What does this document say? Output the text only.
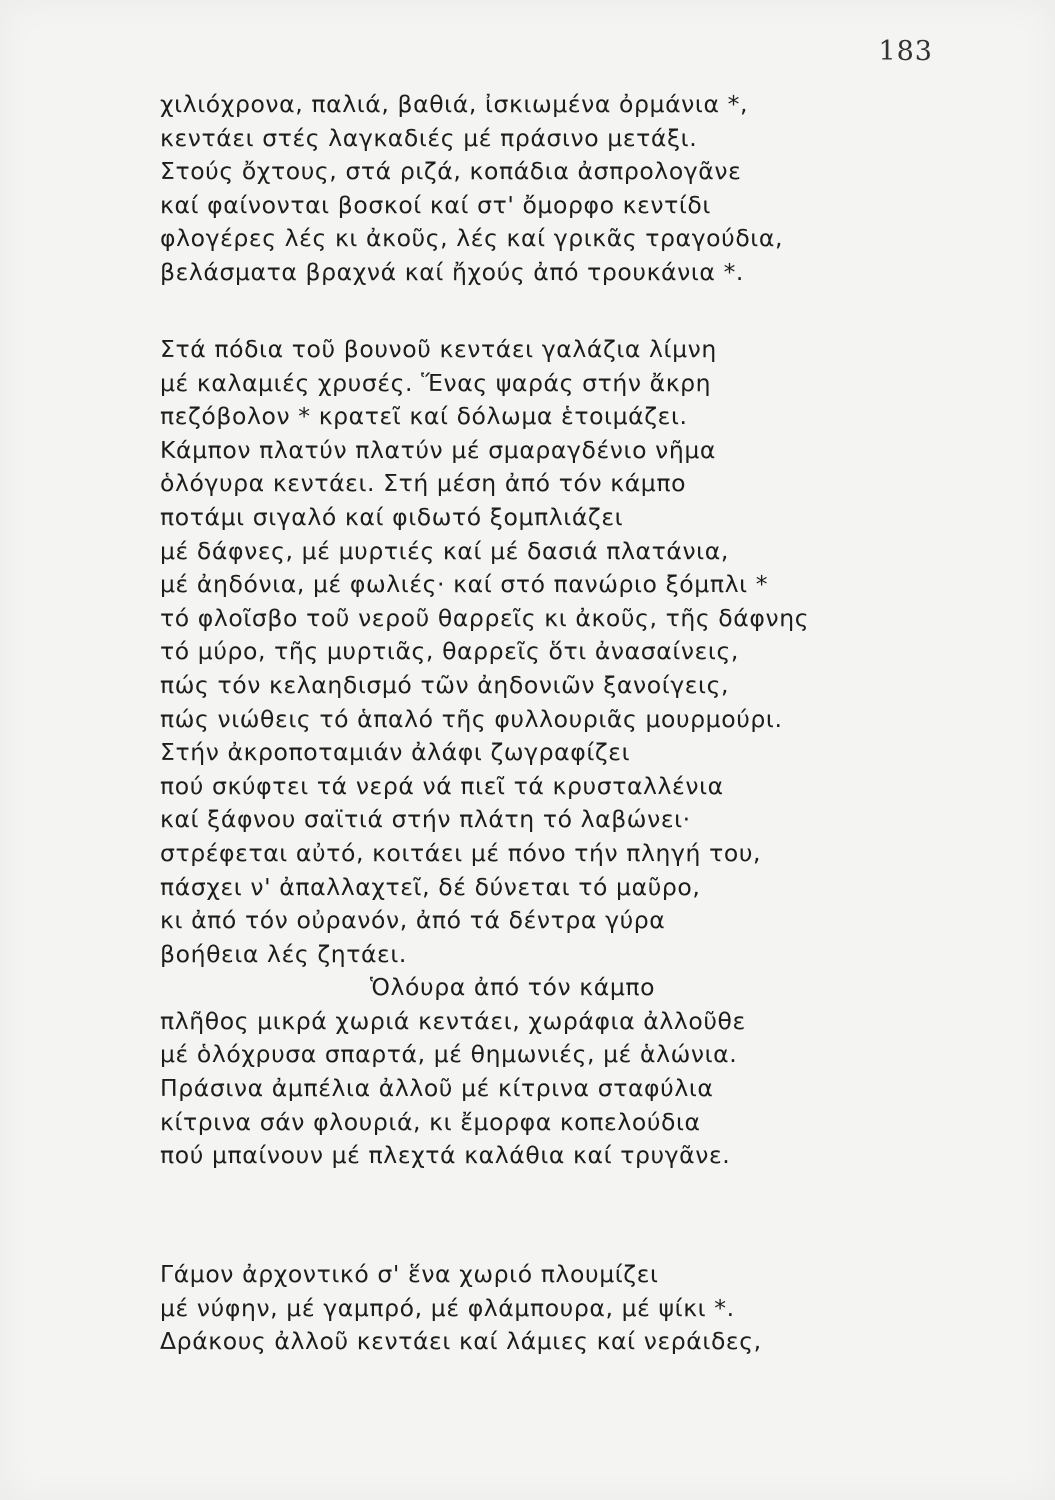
183
χιλιόχρονα, παλιά, βαθιά, ἰσκιωμένα ὀρμάνια *,
κεντάει στές λαγκαδιές μέ πράσινο μετάξι.
Στούς ὄχτους, στά ριζά, κοπάδια ἀσπρολογᾶνε
καί φαίνονται βοσκοί καί στ' ὄμορφο κεντίδι
φλογέρες λές κι ἀκοῦς, λές καί γρικᾶς τραγούδια,
βελάσματα βραχνά καί ἤχούς ἀπό τρουκάνια *.
Στά πόδια τοῦ βουνοῦ κεντάει γαλάζια λίμνη
μέ καλαμιές χρυσές. Ἕνας ψαράς στήν ἄκρη
πεζόβολον * κρατεῖ καί δόλωμα ἑτοιμάζει.
Κάμπον πλατύν πλατύν μέ σμαραγδένιο νῆμα
ὁλόγυρα κεντάει. Στή μέση ἀπό τόν κάμπο
ποτάμι σιγαλό καί φιδωτό ξομπλιάζει
μέ δάφνες, μέ μυρτιές καί μέ δασιά πλατάνια,
μέ ἀηδόνια, μέ φωλιές· καί στό πανώριο ξόμπλι *
τό φλοῖσβο τοῦ νεροῦ θαρρεῖς κι ἀκοῦς, τῆς δάφνης
τό μύρο, τῆς μυρτιᾶς, θαρρεῖς ὅτι ἀνασαίνεις,
πώς τόν κελαηδισμό τῶν ἀηδονιῶν ξανοίγεις,
πώς νιώθεις τό ἁπαλό τῆς φυλλουριᾶς μουρμούρι.
Στήν ἀκροποταμιάν ἀλάφι ζωγραφίζει
πού σκύφτει τά νερά νά πιεῖ τά κρυσταλλένια
καί ξάφνου σαϊτιά στήν πλάτη τό λαβώνει·
στρέφεται αὐτό, κοιτάει μέ πόνο τήν πληγή του,
πάσχει ν' ἀπαλλαχτεῖ, δέ δύνεται τό μαῦρο,
κι ἀπό τόν οὐρανόν, ἀπό τά δέντρα γύρα
βοήθεια λές ζητάει.
Ὁλόυρα ἀπό τόν κάμπο
πλῆθος μικρά χωριά κεντάει, χωράφια ἀλλοῦθε
μέ ὁλόχρυσα σπαρτά, μέ θημωνιές, μέ ἁλώνια.
Πράσινα ἀμπέλια ἀλλοῦ μέ κίτρινα σταφύλια
κίτρινα σάν φλουριά, κι ἔμορφα κοπελούδια
πού μπαίνουν μέ πλεχτά καλάθια καί τρυγᾶνε.
Γάμον ἀρχοντικό σ' ἕνα χωριό πλουμίζει
μέ νύφην, μέ γαμπρό, μέ φλάμπουρα, μέ ψίκι *.
Δράκους ἀλλοῦ κεντάει καί λάμιες καί νεράιδες,
